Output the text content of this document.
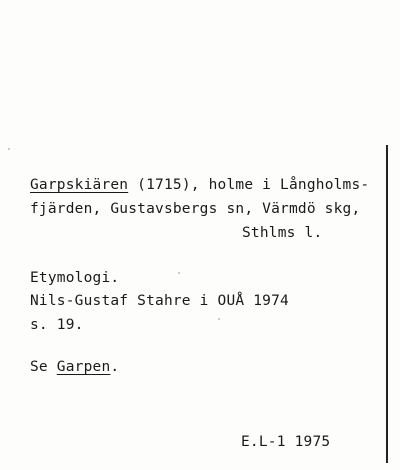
Garpskiären (1715), holme i Långholms-
fjärden, Gustavsbergs sn, Värmdö skg,
Sthlms l.
Etymologi.
Nils-Gustaf Stahre i OUÅ 1974
s. 19.
Se Garpen.
E.L-1 1975
